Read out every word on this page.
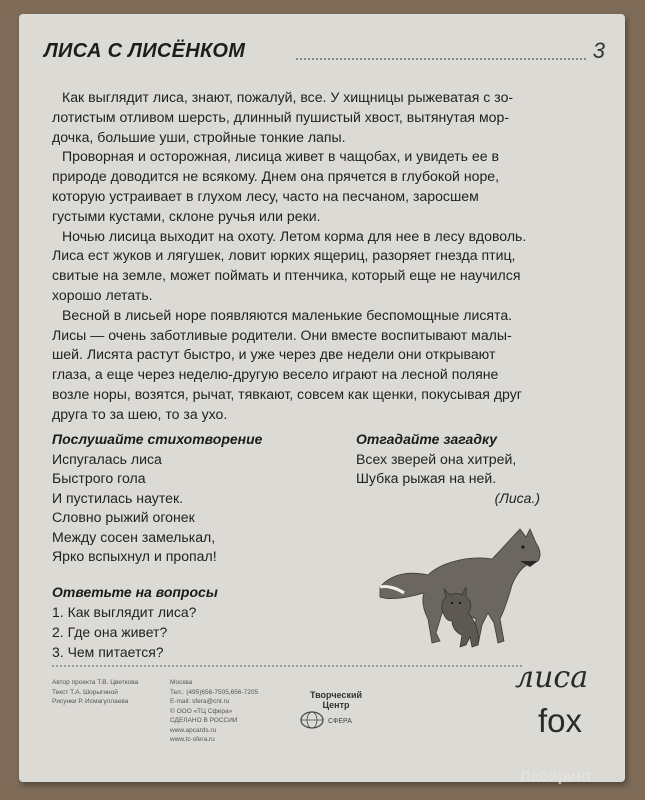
ЛИСА С ЛИСЁНКОМ	3

Как выглядит лиса, знают, пожалуй, все. У хищницы рыжеватая с зо-

лотистым отливом шерсть, длинный пушистый хвост, вытянутая мор-

дочка, большие уши, стройные тонкие лапы.

Проворная и осторожная, лисица живет в чащобах, и увидеть ее в

природе доводится не всякому. Днем она прячется в глубокой норе,

которую устраивает в глухом лесу, часто на песчаном, заросшем

густыми кустами, склоне ручья или реки.

Ночью лисица выходит на охоту. Летом корма для нее в лесу вдоволь.

Лиса ест жуков и лягушек, ловит юрких ящериц, разоряет гнезда птиц,

свитые на земле, может поймать и птенчика, который еще не научился

хорошо летать.

Весной в лисьей норе появляются маленькие беспомощные лисята.

Лисы — очень заботливые родители. Они вместе воспитывают малы-

шей. Лисята растут быстро, и уже через две недели они открывают

глаза, а еще через неделю-другую весело играют на лесной поляне

возле норы, возятся, рычат, тявкают, совсем как щенки, покусывая друг

друга то за шею, то за ухо.

Послушайте стихотворение
Испугалась лиса
Быстрого гола
И пустилась наутек.
Словно рыжий огонек
Между сосен замелькал,
Ярко вспыхнул и пропал!
Отгадайте загадку
Всех зверей она хитрей,
Шубка рыжая на ней.
(Лиса.)
Ответьте на вопросы
1. Как выглядит лиса?
2. Где она живет?
3. Чем питается?
Автор проекта Т.В. Цветкова
Текст Т.А. Шорыгиной
Рисунки Р. Исмагуллаева
Москва
Тел.: (495)656-7505,656-7205
E-mail: sfera@cnt.ru
© ООО «ТЦ Сфера»
СДЕЛАНО В РОССИИ
www.apcards.ru
www.tc-sfera.ru
Творческий
Центр
СФЕРА
лиса
fox
Лабиринт
